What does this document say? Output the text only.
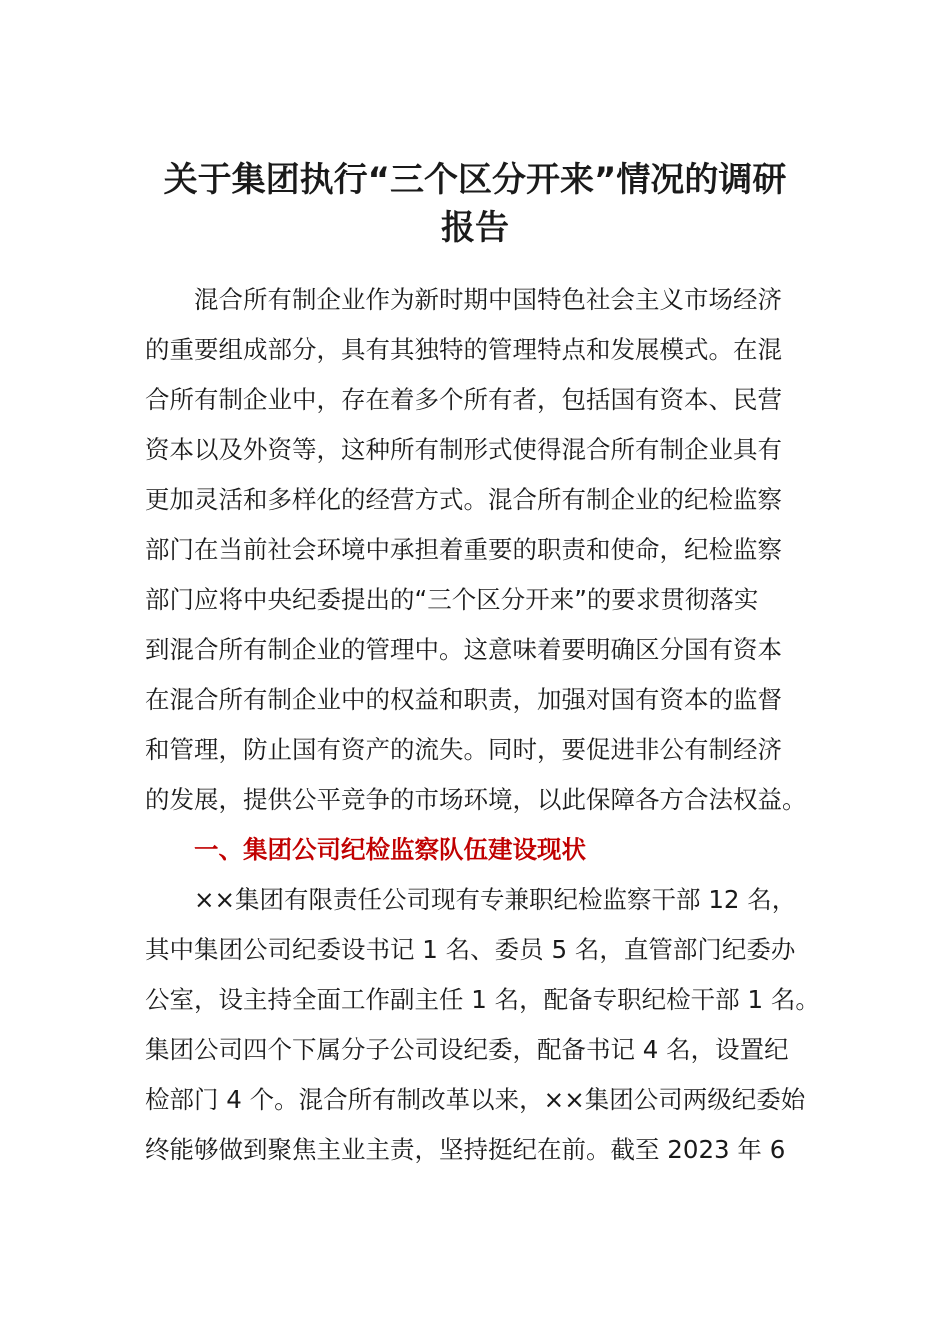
关于集团执行“三个区分开来”情况的调研
报告

　　混合所有制企业作为新时期中国特色社会主义市场经济

的重要组成部分，具有其独特的管理特点和发展模式。在混

合所有制企业中，存在着多个所有者，包括国有资本、民营

资本以及外资等，这种所有制形式使得混合所有制企业具有

更加灵活和多样化的经营方式。混合所有制企业的纪检监察

部门在当前社会环境中承担着重要的职责和使命，纪检监察

部门应将中央纪委提出的“三个区分开来”的要求贯彻落实

到混合所有制企业的管理中。这意味着要明确区分国有资本

在混合所有制企业中的权益和职责，加强对国有资本的监督

和管理，防止国有资产的流失。同时，要促进非公有制经济

的发展，提供公平竞争的市场环境，以此保障各方合法权益。

一、集团公司纪检监察队伍建设现状

　　××集团有限责任公司现有专兼职纪检监察干部 12 名，

其中集团公司纪委设书记 1 名、委员 5 名，直管部门纪委办

公室，设主持全面工作副主任 1 名，配备专职纪检干部 1 名。

集团公司四个下属分子公司设纪委，配备书记 4 名，设置纪

检部门 4 个。混合所有制改革以来，××集团公司两级纪委始

终能够做到聚焦主业主责，坚持挺纪在前。截至 2023 年 6
